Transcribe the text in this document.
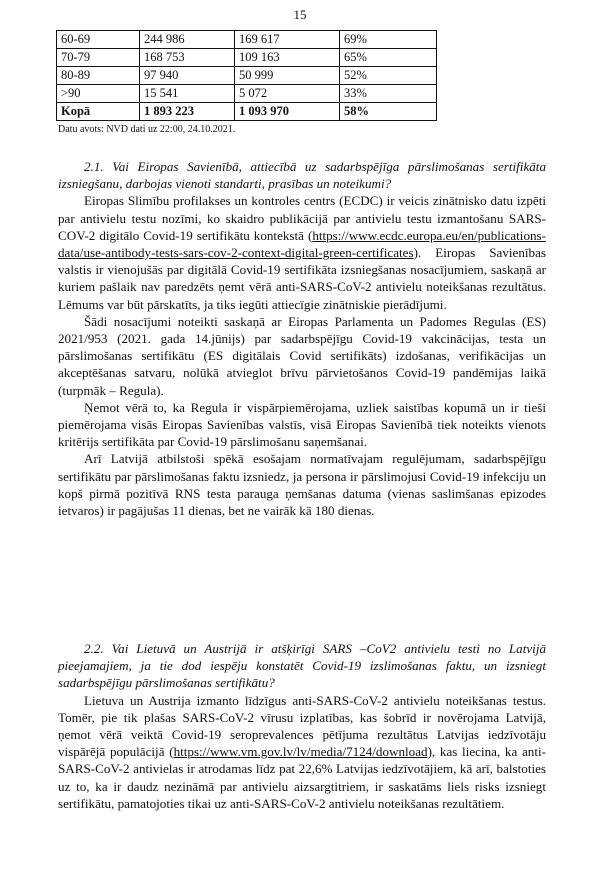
15
60-69	244 986	169 617	69%
70-79	168 753	109 163	65%
80-89	97 940	50 999	52%
>90	15 541	5 072	33%
Kopā	1 893 223	1 093 970	58%
Datu avots: NVD dati uz 22:00, 24.10.2021.

2.1. Vai Eiropas Savienībā, attiecībā uz sadarbspējīga pārslimošanas sertifikāta izsniegšanu, darbojas vienoti standarti, prasības un noteikumi?

Eiropas Slimību profilakses un kontroles centrs (ECDC) ir veicis zinātnisko datu izpēti par antivielu testu nozīmi, ko skaidro publikācijā par antivielu testu izmantošanu SARS-COV-2 digitālo Covid-19 sertifikātu kontekstā (https://www.ecdc.europa.eu/en/publications-data/use-antibody-tests-sars-cov-2-context-digital-green-certificates). Eiropas Savienības valstis ir vienojušās par digitālā Covid-19 sertifikāta izsniegšanas nosacījumiem, saskaņā ar kuriem pašlaik nav paredzēts ņemt vērā anti-SARS-CoV-2 antivielu noteikšanas rezultātus. Lēmums var būt pārskatīts, ja tiks iegūti attiecīgie zinātniskie pierādījumi.

Šādi nosacījumi noteikti saskaņā ar Eiropas Parlamenta un Padomes Regulas (ES) 2021/953 (2021. gada 14.jūnijs) par sadarbspējīgu Covid-19 vakcinācijas, testa un pārslimošanas sertifikātu (ES digitālais Covid sertifikāts) izdošanas, verifikācijas un akceptēšanas satvaru, nolūkā atvieglot brīvu pārvietošanos Covid-19 pandēmijas laikā (turpmāk – Regula).

Ņemot vērā to, ka Regula ir vispārpiemērojama, uzliek saistības kopumā un ir tieši piemērojama visās Eiropas Savienības valstīs, visā Eiropas Savienībā tiek noteikts vienots kritērijs sertifikāta par Covid-19 pārslimošanu saņemšanai.

Arī Latvijā atbilstoši spēkā esošajam normatīvajam regulējumam, sadarbspējīgu sertifikātu par pārslimošanas faktu izsniedz, ja persona ir pārslimojusi Covid-19 infekciju un kopš pirmā pozitīvā RNS testa parauga ņemšanas datuma (vienas saslimšanas epizodes ietvaros) ir pagājušas 11 dienas, bet ne vairāk kā 180 dienas.

2.2. Vai Lietuvā un Austrijā ir atšķirīgi SARS –CoV2 antivielu testi no Latvijā pieejamajiem, ja tie dod iespēju konstatēt Covid-19 izslimošanas faktu, un izsniegt sadarbspējīgu pārslimošanas sertifikātu?

Lietuva un Austrija izmanto līdzīgus anti-SARS-CoV-2 antivielu noteikšanas testus. Tomēr, pie tik plašas SARS-CoV-2 vīrusu izplatības, kas šobrīd ir novērojama Latvijā, ņemot vērā veiktā Covid-19 seroprevalences pētījuma rezultātus Latvijas iedzīvotāju vispārējā populācijā (https://www.vm.gov.lv/lv/media/7124/download), kas liecina, ka anti-SARS-CoV-2 antivielas ir atrodamas līdz pat 22,6% Latvijas iedzīvotājiem, kā arī, balstoties uz to, ka ir daudz nezināmā par antivielu aizsargtitriem, ir saskatāms liels risks izsniegt sertifikātu, pamatojoties tikai uz anti-SARS-CoV-2 antivielu noteikšanas rezultātiem.
